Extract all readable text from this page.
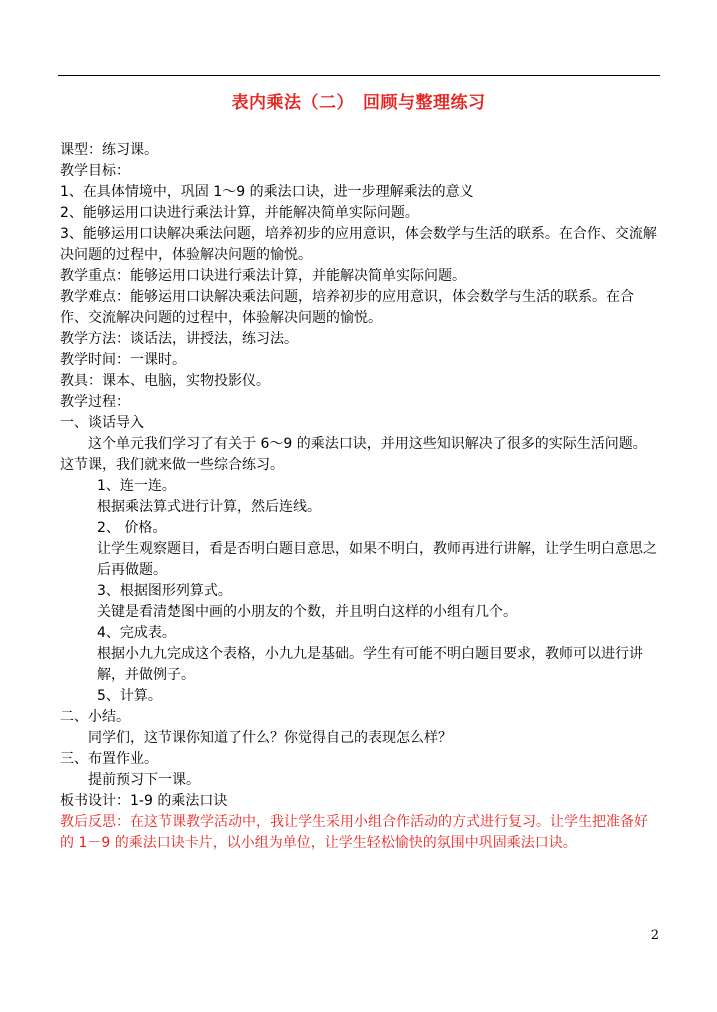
表内乘法（二）　回顾与整理练习

课型：练习课。

教学目标：

1、在具体情境中，巩固 1～9 的乘法口诀，进一步理解乘法的意义

2、能够运用口诀进行乘法计算，并能解决简单实际问题。

3、能够运用口诀解决乘法问题，培养初步的应用意识，体会数学与生活的联系。在合作、交流解决问题的过程中，体验解决问题的愉悦。

教学重点：能够运用口诀进行乘法计算，并能解决简单实际问题。

教学难点：能够运用口诀解决乘法问题，培养初步的应用意识，体会数学与生活的联系。在合作、交流解决问题的过程中，体验解决问题的愉悦。

教学方法：谈话法，讲授法，练习法。

教学时间：一课时。

教具：课本、电脑，实物投影仪。

教学过程：

一、谈话导入

这个单元我们学习了有关于 6～9 的乘法口诀，并用这些知识解决了很多的实际生活问题。这节课，我们就来做一些综合练习。

1、连一连。

根据乘法算式进行计算，然后连线。

2、 价格。

让学生观察题目，看是否明白题目意思，如果不明白，教师再进行讲解，让学生明白意思之后再做题。

3、根据图形列算式。

关键是看清楚图中画的小朋友的个数，并且明白这样的小组有几个。

4、完成表。

根据小九九完成这个表格，小九九是基础。学生有可能不明白题目要求，教师可以进行讲解，并做例子。

5、计算。

二、小结。

同学们，这节课你知道了什么？你觉得自己的表现怎么样？

三、布置作业。

提前预习下一课。

板书设计：1-9 的乘法口诀

教后反思：在这节课教学活动中，我让学生采用小组合作活动的方式进行复习。让学生把准备好的 1－9 的乘法口诀卡片，以小组为单位，让学生轻松愉快的氛围中巩固乘法口诀。

2
